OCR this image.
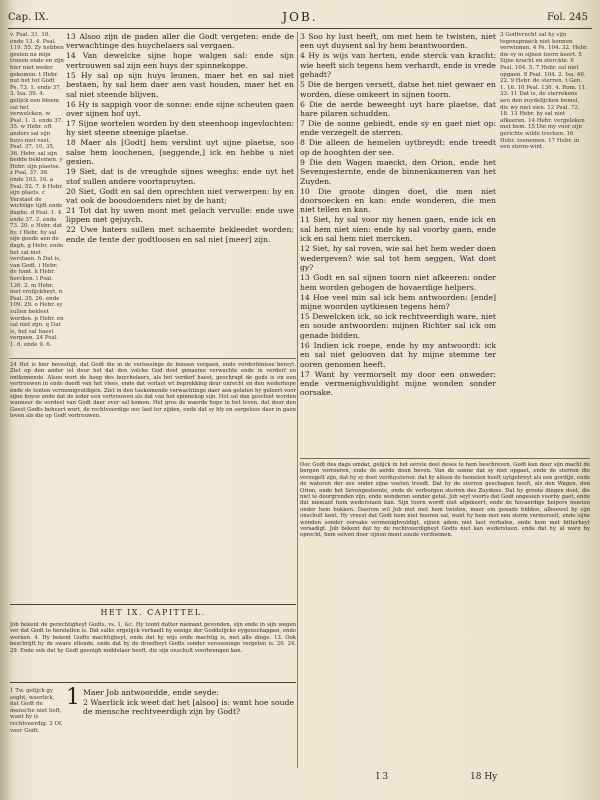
Cap. IX.	JOB.	Fol. 245
v. Psal. 31. 10. ende 13. 4. Psal. 119. 55. Zy hebben gesien na mijn tranen ende en zijn hier niet weder gekomen. t Hebr. nut het tot Godt Ps. 73. 1. ende 37. 3. Isa. 59. 4. gelijck een bloem sal het verwelcken. w Psal. 1. 3. ende 37. 35. w Hebr. oft anders sal sijn huys niet vast. Psal. 37. 10, 35, 36. Hebr. sal sijn bedde beklemen. y Hebr. sijn plaetse. z Psal. 37. 36. ende 103. 16. a Psal. 52. 7. b Hebr. sijn plaets. c Verstaet de wichtige tijdt ende daghe. d Psal. 1. 4. ende 37. 2. ende 73. 20. e Hebr. dat hy. f Hebr. hy sal sijn goede aen de dagh. g Hebr. ende het sal niet verstaen. h Dat is, van Godt. i Hebr. de hant. k Hebr. hercken. l Psal. 126. 2. m Hebr. met vrolijckheyt. n Psal. 35. 26. ende 109. 29. o Hebr. sy sullen bekleet worden. p Hebr. en sal niet zijn. q Dat is, het sal haest vergaen. 24 Psal. 1. 6. ende 9. 6.

13 Alsoo zijn de paden aller die Godt vergeten: ende de verwachtinge des huychelaers sal vergaen.

14 Van dewelcke sijne hope walgen sal: ende sijn vertrouwen sal zijn een huys der spinnekoppe.

15 Hy sal op sijn huys leunen, maer het en sal niet bestaen, hy sal hem daer aen vast houden, maer het en sal niet steende blijven.

16 Hy is sappigh voor de sonne: ende sijne scheuten gaen over sijnen hof uyt.

17 Sijne wortelen worden by den steenhoop ingevlochten: hy siet steene steenige plaetse.

18 Maer als [Godt] hem verslint uyt sijne plaetse, soo salse hem loochenen, [seggende,] ick en hebbe u niet gesien.

19 Siet, dat is de vreughde sijnes weeghs: ende uyt het stof sullen andere voortspruyten.

20 Siet, Godt en sal den oprechten niet verwerpen: hy en vat ook de boosdoenders niet by de hant;

21 Tot dat hy uwen mont met gelach vervulle: ende uwe lippen met gejuych.

22 Uwe haters sullen met schaemte bekleedet worden; ende de tente der godtloosen en sal niet [meer] zijn.

24 Het is hier bevestigt, dat Godt die in de verlossinge de boosen vergaen, ende verderfenisse bereyt. Ziet op den ander ist deur het dat den volcke God doet genaeme verwachte ende in verderf en ontkomende. Alsoo wort de hoop des huychelaers, als het verderf haest, geschrapt de gods is en een vertrouwen in ende doodt van het vlees, ende dat verlaet wt beprekking deur onrecht en den wederhope ende de tenten vermenigvuldigen. Ziet in den toekomende verwachtinge daer aen gelaten hy geleert voor sijne huyse ende dat de ieder een vertrouwen als dat van het spinnekop sijn. Het sal dan geschiet worden wanneer de oordeel van Godt daer over sal komen. Het gros de waerde hope in het leven, dat door den Geest Godts beheert wort, de rechtveerdige ooc laet ter zijden, ende dat sy bly en sorgeloos daer in gaen leven als die op Godt vertrouwen.
HET IX. CAPITTEL.
Job bekent de gerechtigheyt Godts, vs. 1, &c. Hy toont datter niemant gevonden, sijn ende in sijn wegen ver dat Godt te herstellen is. Dat sulks ergelijck verhaelt hy eenige der Goddelijcke eygenschappen, ende werken. 4. Hy bekent Godts machtigheyt, ende dat hy wijs ende machtig is, met alle dinge. 13. Ook beschrijft hy de sware ellende, ende dat hy de droefheyt Godts sonder versoeninge vergeten is. 20. 24. 29. Ende ook dat hy Godt geenigh middelaer heeft, die sijn onschult voorbrengen kan.
1 Tw. gelijck gy seght, waerlick, dat Godt de mensche niet lieft, want hy is rechtveerdig. 2 Of, voor Godt.

1 Maer Job antwoordde, ende seyde:

2 Waerlick ick weet dat het [alsoo] is: want hoe soude de mensche rechtveerdigh zijn by Godt?

3 Soo hy lust heeft, om met hem te twisten, niet een uyt duysent sal hy hem beantwoorden.

4 Hy is wijs van herten, ende sterck van kracht: wie heeft sich tegens hem verhardt, ende is vrede gehadt?

5 Die de bergen versett, datse het niet gewaer en worden, diese omkeert in sijnen toorn.

6 Die de aerde beweeght uyt hare plaetse, dat hare pilaren schudden.

7 Die de sonne gebiedt, ende sy en gaet niet op: ende verzegelt de sterren.

8 Die alleen de hemelen uytbreydt: ende treedt op de hooghten der see.

9 Die den Wagen maeckt, den Orion, ende het Sevengesternte, ende de binnenkameren van het Zuyden.

10 Die groote dingen doet, die men niet doorsoecken en kan: ende wonderen, die men niet tellen en kan.

11 Siet, hy sal voor my henen gaen, ende ick en sal hem niet sien: ende hy sal voorby gaen, ende ick en sal hem niet mercken.

12 Siet, hy sal roven, wie sal het hem weder doen wedergeven? wie sal tot hem seggen, Wat doet gy?

13 Godt en sal sijnen toorn niet afkeeren: onder hem worden gebogen de hovaerdige helpers.

14 Hoe veel min sal ick hem antwoorden: [ende] mijne woorden uytkiesen tegens hem?

15 Dewelcken ick, so ick rechtveerdigh ware, niet en soude antwoorden: mijnen Richter sal ick om genade bidden.

16 Indien ick roepe, ende hy my antwoordt: ick en sal niet gelooven dat hy mijne stemme ter ooren genomen heeft.

17 Want hy vermorselt my door een onweder: ende vermenighvuldight mijne wonden sonder oorsake.

3 Godtvrucht sal hy sijn tegenspraeck niet konnen verwinnen. 4 Ps. 104. 32. Hebr. die sy in sijnen toorn keert. 5 Sijne kracht en sterckte. 6 Psal. 104. 5. 7 Hebr. sal niet opgaen. 8 Psal. 104. 2. Isa. 40. 22. 9 Hebr. de sterren. t Gen. 1. 16. 10 Psal. 136. 4. Rom. 11. 33. 11 Dat is, de sterrekens aen den zuydelijcken hemel, die wy niet sien. 12 Psal. 72. 18. 13 Hebr. hy sal niet afkeeren. 14 Hebr. vergeleken met hem. 15 Die my voor sijn gerichte wilde trecken. 16 Hebr. toenemen. 17 Hebr. in een storm-wint.
Ooc Godt des dags omdat, gelijck in het eerste deel deses te hem beschreven, Godt kan door sijn macht de bergen verroeren, ende de aerde doen beven. Van de sonne dat sy niet opgaet, ende de sterren die verzegelt zijn, dat hy sy doet verduysteren: dat hy alleen de hemelen heeft uytgebreyt als een gordijn, ende de wateren der zee onder sijne voeten treedt. Dat hy de sterren geschapen heeft, als den Wagen, den Orion, ende het Sevengesternte, ende de verborgen sterren des Zuydens. Dat hy groote dingen doet, die niet te doorgronden zijn, ende wonderen sonder getal. Job seyt voorts dat Godt ongesien voorby gaet, ende dat niemant hem wederstaen kan. Sijn toorn wordt niet afgekeert, ende de hovaerdige helpers moeten onder hem bukken. Daerom wil Job niet met hem twisten, maer om genade bidden, alhoewel hy sijn onschult kent. Hy vreest dat Godt hem niet hooren sal, want hy hem met een storm vermorselt, ende sijne wonden sonder oorsake vermenighvuldigt, sijnen adem niet laet verhalen, ende hem met bitterheyt versadigt. Job bekent dat hy de rechtveerdigheyt Godts niet kan wederstaen, ende dat hy, al ware hy oprecht, hem selven door sijnen mont soude verdoemen.
I 3	18 Hy
